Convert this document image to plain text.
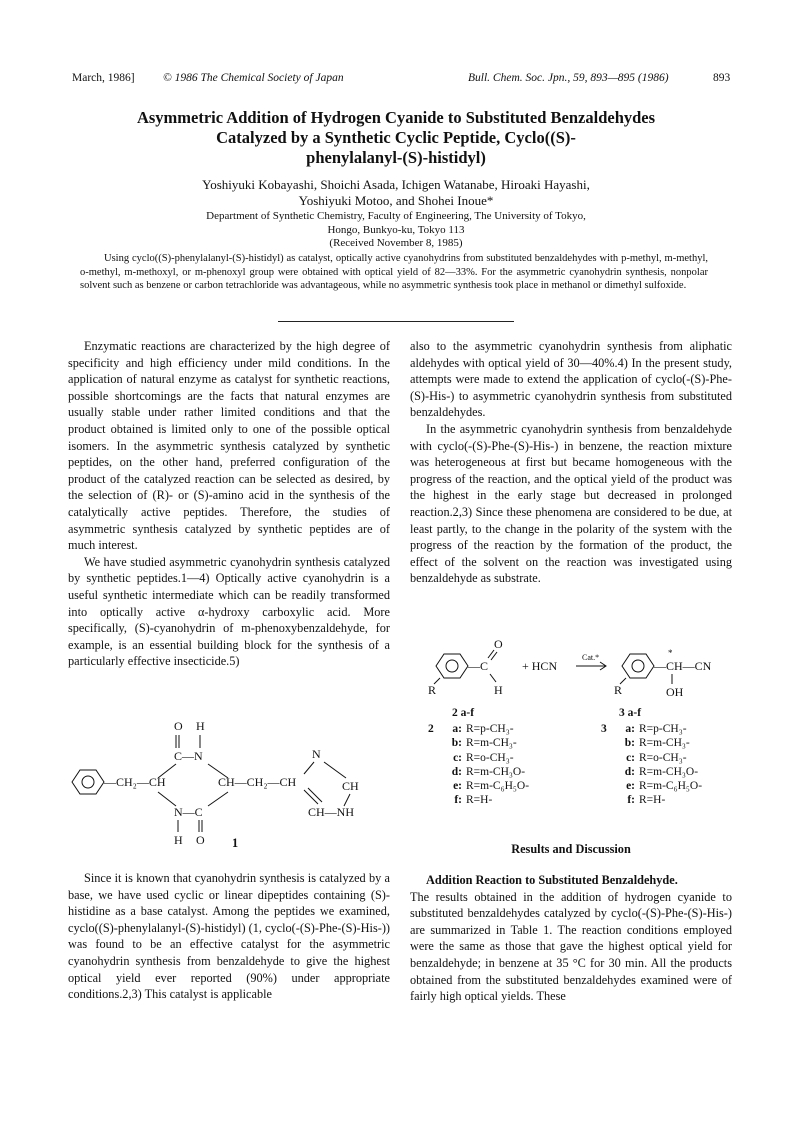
March, 1986] © 1986 The Chemical Society of Japan	Bull. Chem. Soc. Jpn., 59, 893—895 (1986)	893
Asymmetric Addition of Hydrogen Cyanide to Substituted Benzaldehydes
Catalyzed by a Synthetic Cyclic Peptide, Cyclo((S)-
phenylalanyl-(S)-histidyl)
Yoshiyuki Kobayashi, Shoichi Asada, Ichigen Watanabe, Hiroaki Hayashi,
Yoshiyuki Motoo, and Shohei Inoue*
Department of Synthetic Chemistry, Faculty of Engineering, The University of Tokyo,
Hongo, Bunkyo-ku, Tokyo 113
(Received November 8, 1985)

Using cyclo((S)-phenylalanyl-(S)-histidyl) as catalyst, optically active cyanohydrins from substituted benzaldehydes with p-methyl, m-methyl, o-methyl, m-methoxyl, or m-phenoxyl group were obtained with optical yield of 82—33%. For the asymmetric cyanohydrin synthesis, nonpolar solvent such as benzene or carbon tetrachloride was advantageous, while no asymmetric synthesis took place in methanol or dimethyl sulfoxide.

Enzymatic reactions are characterized by the high degree of specificity and high efficiency under mild conditions. In the application of natural enzyme as catalyst for synthetic reactions, possible shortcomings are the facts that natural enzymes are usually stable under rather limited conditions and that the product obtained is limited only to one of the possible optical isomers. In the asymmetric synthesis catalyzed by synthetic peptides, on the other hand, preferred configuration of the product of the catalyzed reaction can be selected as desired, by the selection of (R)- or (S)-amino acid in the synthesis of the catalytically active peptides. Therefore, the studies of asymmetric synthesis catalyzed by synthetic peptides are of much interest.

We have studied asymmetric cyanohydrin synthesis catalyzed by synthetic peptides.1—4) Optically active cyanohydrin is a useful synthetic intermediate which can be readily transformed into optically active α-hydroxy carboxylic acid. More specifically, (S)-cyanohydrin of m-phenoxybenzaldehyde, for example, is an essential building block for the synthesis of a particularly effective insecticide.5)

O H
C—N
—CH₂—CH	CH—CH₂—CH
N
CH
CH—NH
N—C
H O 1

Since it is known that cyanohydrin synthesis is catalyzed by a base, we have used cyclic or linear dipeptides containing (S)-histidine as a base catalyst. Among the peptides we examined, cyclo((S)-phenylalanyl-(S)-histidyl) (1, cyclo(-(S)-Phe-(S)-His-)) was found to be an effective catalyst for the asymmetric cyanohydrin synthesis from benzaldehyde to give the highest optical yield ever reported (90%) under appropriate conditions.2,3) This catalyst is applicable

also to the asymmetric cyanohydrin synthesis from aliphatic aldehydes with optical yield of 30—40%.4) In the present study, attempts were made to extend the application of cyclo(-(S)-Phe-(S)-His-) to asymmetric cyanohydrin synthesis from substituted benzaldehydes.

In the asymmetric cyanohydrin synthesis from benzaldehyde with cyclo(-(S)-Phe-(S)-His-) in benzene, the reaction mixture was heterogeneous at first but became homogeneous with the progress of the reaction, and the optical yield of the product was the highest in the early stage but decreased in prolonged reaction.2,3) Since these phenomena are considered to be due, at least partly, to the change in the polarity of the system with the progress of the reaction by the formation of the product, the effect of the solvent on the reaction was investigated using benzaldehyde as substrate.

R
—C
O
H
+ HCN
Cat.*
R
*
—CH—CN
OH
2 a-f	3 a-f
2	a: R=p-CH₃-
b: R=m-CH₃-
c: R=o-CH₃-
d: R=m-CH₃O-
e: R=m-C₆H₅O-
f: R=H-
3	a: R=p-CH₃-
b: R=m-CH₃-
c: R=o-CH₃-
d: R=m-CH₃O-
e: R=m-C₆H₅O-
f: R=H-
Results and Discussion

Addition Reaction to Substituted Benzaldehyde.

The results obtained in the addition of hydrogen cyanide to substituted benzaldehydes catalyzed by cyclo(-(S)-Phe-(S)-His-) are summarized in Table 1. The reaction conditions employed were the same as those that gave the highest optical yield for benzaldehyde; in benzene at 35 °C for 30 min. All the products obtained from the substituted benzaldehydes examined were of fairly high optical yields. These
